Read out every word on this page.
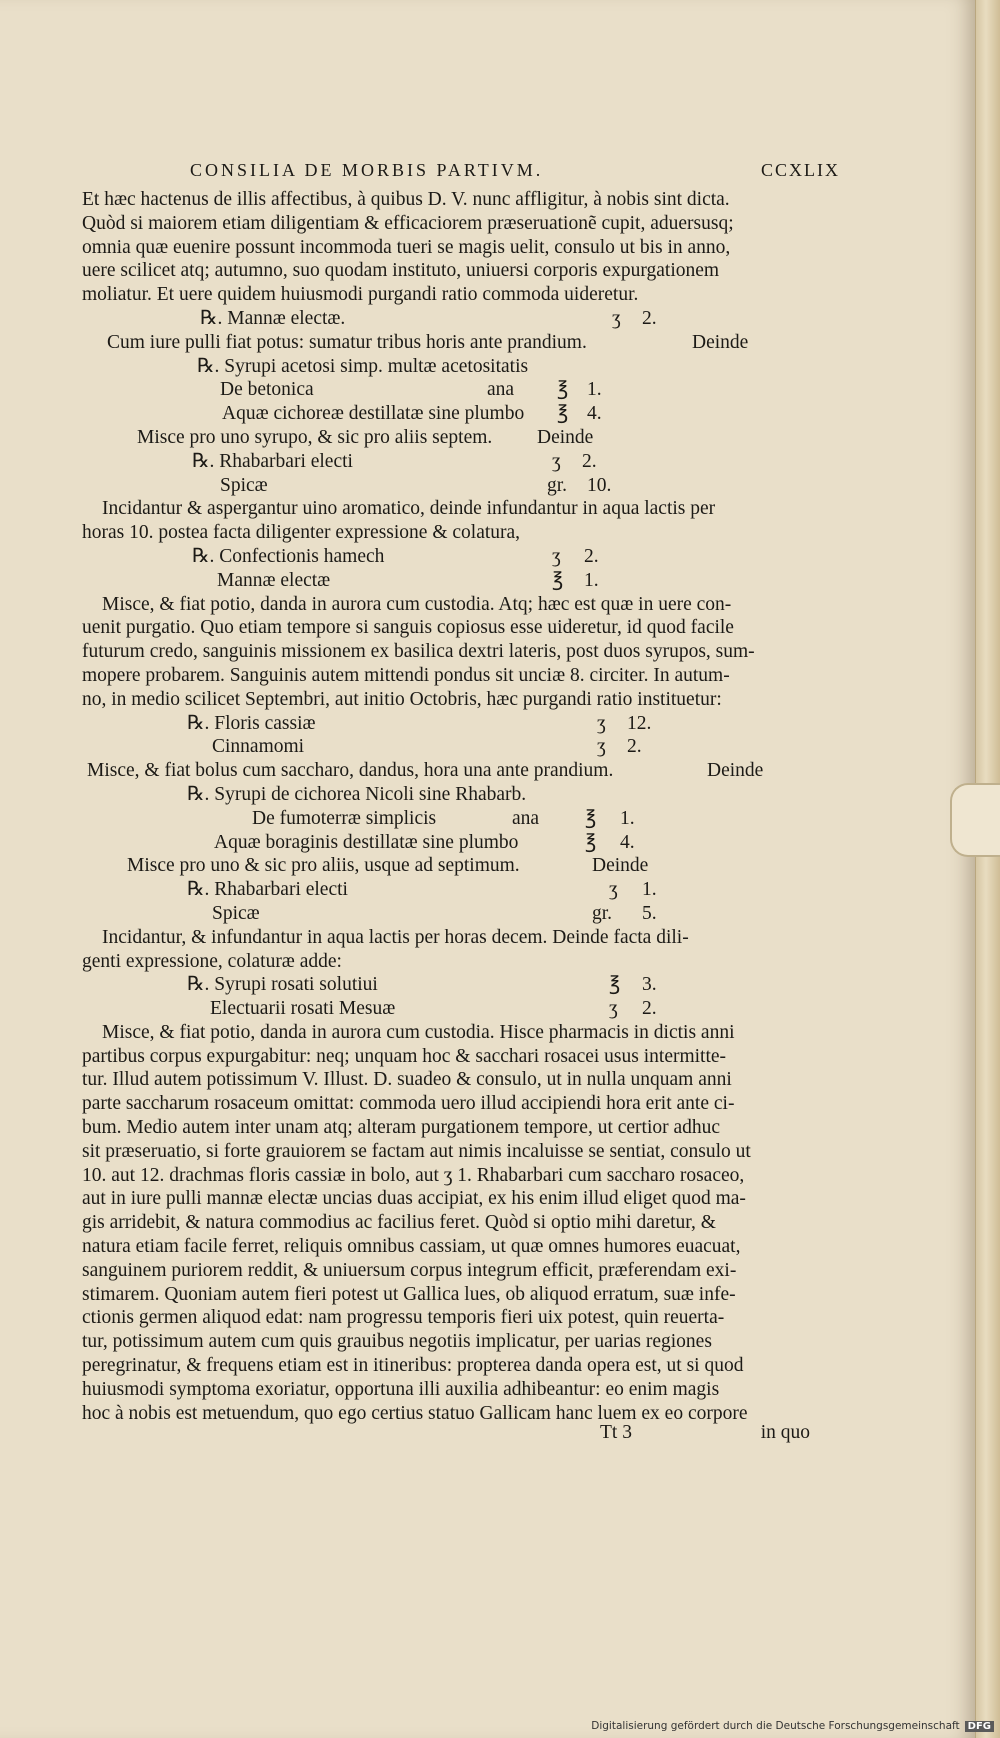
CONSILIA DE MORBIS PARTIVM.	CCXLIX

Et hæc hactenus de illis affectibus, à quibus D. V. nunc affligitur, à nobis sint dicta.

Quòd si maiorem etiam diligentiam & efficaciorem præseruationẽ cupit, aduersusq;

omnia quæ euenire possunt incommoda tueri se magis uelit, consulo ut bis in anno,

uere scilicet atq; autumno, suo quodam instituto, uniuersi corporis expurgationem

moliatur. Et uere quidem huiusmodi purgandi ratio commoda uideretur.

℞. Mannæ electæ.	ʒ 2.
Cum iure pulli fiat potus: sumatur tribus horis ante prandium.	Deinde
℞. Syrupi acetosi simp. multæ acetositatis
De betonica	ana ℥ 1.
Aquæ cichoreæ destillatæ sine plumbo ℥ 4.
Misce pro uno syrupo, & sic pro aliis septem. Deinde
℞. Rhabarbari electi	ʒ 2.
Spicæ	gr. 10.

Incidantur & aspergantur uino aromatico, deinde infundantur in aqua lactis per

horas 10. postea facta diligenter expressione & colatura,

℞. Confectionis hamech	ʒ 2.
Mannæ electæ	℥ 1.

Misce, & fiat potio, danda in aurora cum custodia. Atq; hæc est quæ in uere con-

uenit purgatio. Quo etiam tempore si sanguis copiosus esse uideretur, id quod facile

futurum credo, sanguinis missionem ex basilica dextri lateris, post duos syrupos, sum-

mopere probarem. Sanguinis autem mittendi pondus sit unciæ 8. circiter. In autum-

no, in medio scilicet Septembri, aut initio Octobris, hæc purgandi ratio instituetur:

℞. Floris cassiæ	ʒ 12.
Cinnamomi	ʒ 2.
Misce, & fiat bolus cum saccharo, dandus, hora una ante prandium.	Deinde
℞. Syrupi de cichorea Nicoli sine Rhabarb.
De fumoterræ simplicis	ana ℥ 1.
Aquæ boraginis destillatæ sine plumbo	℥ 4.
Misce pro uno & sic pro aliis, usque ad septimum.	Deinde
℞. Rhabarbari electi	ʒ 1.
Spicæ	gr. 5.

Incidantur, & infundantur in aqua lactis per horas decem. Deinde facta dili-

genti expressione, colaturæ adde:

℞. Syrupi rosati solutiui	℥ 3.
Electuarii rosati Mesuæ	ʒ 2.

Misce, & fiat potio, danda in aurora cum custodia. Hisce pharmacis in dictis anni

partibus corpus expurgabitur: neq; unquam hoc & sacchari rosacei usus intermitte-

tur. Illud autem potissimum V. Illust. D. suadeo & consulo, ut in nulla unquam anni

parte saccharum rosaceum omittat: commoda uero illud accipiendi hora erit ante ci-

bum. Medio autem inter unam atq; alteram purgationem tempore, ut certior adhuc

sit præseruatio, si forte grauiorem se factam aut nimis incaluisse se sentiat, consulo ut

10. aut 12. drachmas floris cassiæ in bolo, aut ʒ 1. Rhabarbari cum saccharo rosaceo,

aut in iure pulli mannæ electæ uncias duas accipiat, ex his enim illud eliget quod ma-

gis arridebit, & natura commodius ac facilius feret. Quòd si optio mihi daretur, &

natura etiam facile ferret, reliquis omnibus cassiam, ut quæ omnes humores euacuat,

sanguinem puriorem reddit, & uniuersum corpus integrum efficit, præferendam exi-

stimarem. Quoniam autem fieri potest ut Gallica lues, ob aliquod erratum, suæ infe-

ctionis germen aliquod edat: nam progressu temporis fieri uix potest, quin reuerta-

tur, potissimum autem cum quis grauibus negotiis implicatur, per uarias regiones

peregrinatur, & frequens etiam est in itineribus: propterea danda opera est, ut si quod

huiusmodi symptoma exoriatur, opportuna illi auxilia adhibeantur: eo enim magis

hoc à nobis est metuendum, quo ego certius statuo Gallicam hanc luem ex eo corpore

Tt 3	in quo
Digitalisierung gefördert durch die Deutsche Forschungsgemeinschaft DFG
